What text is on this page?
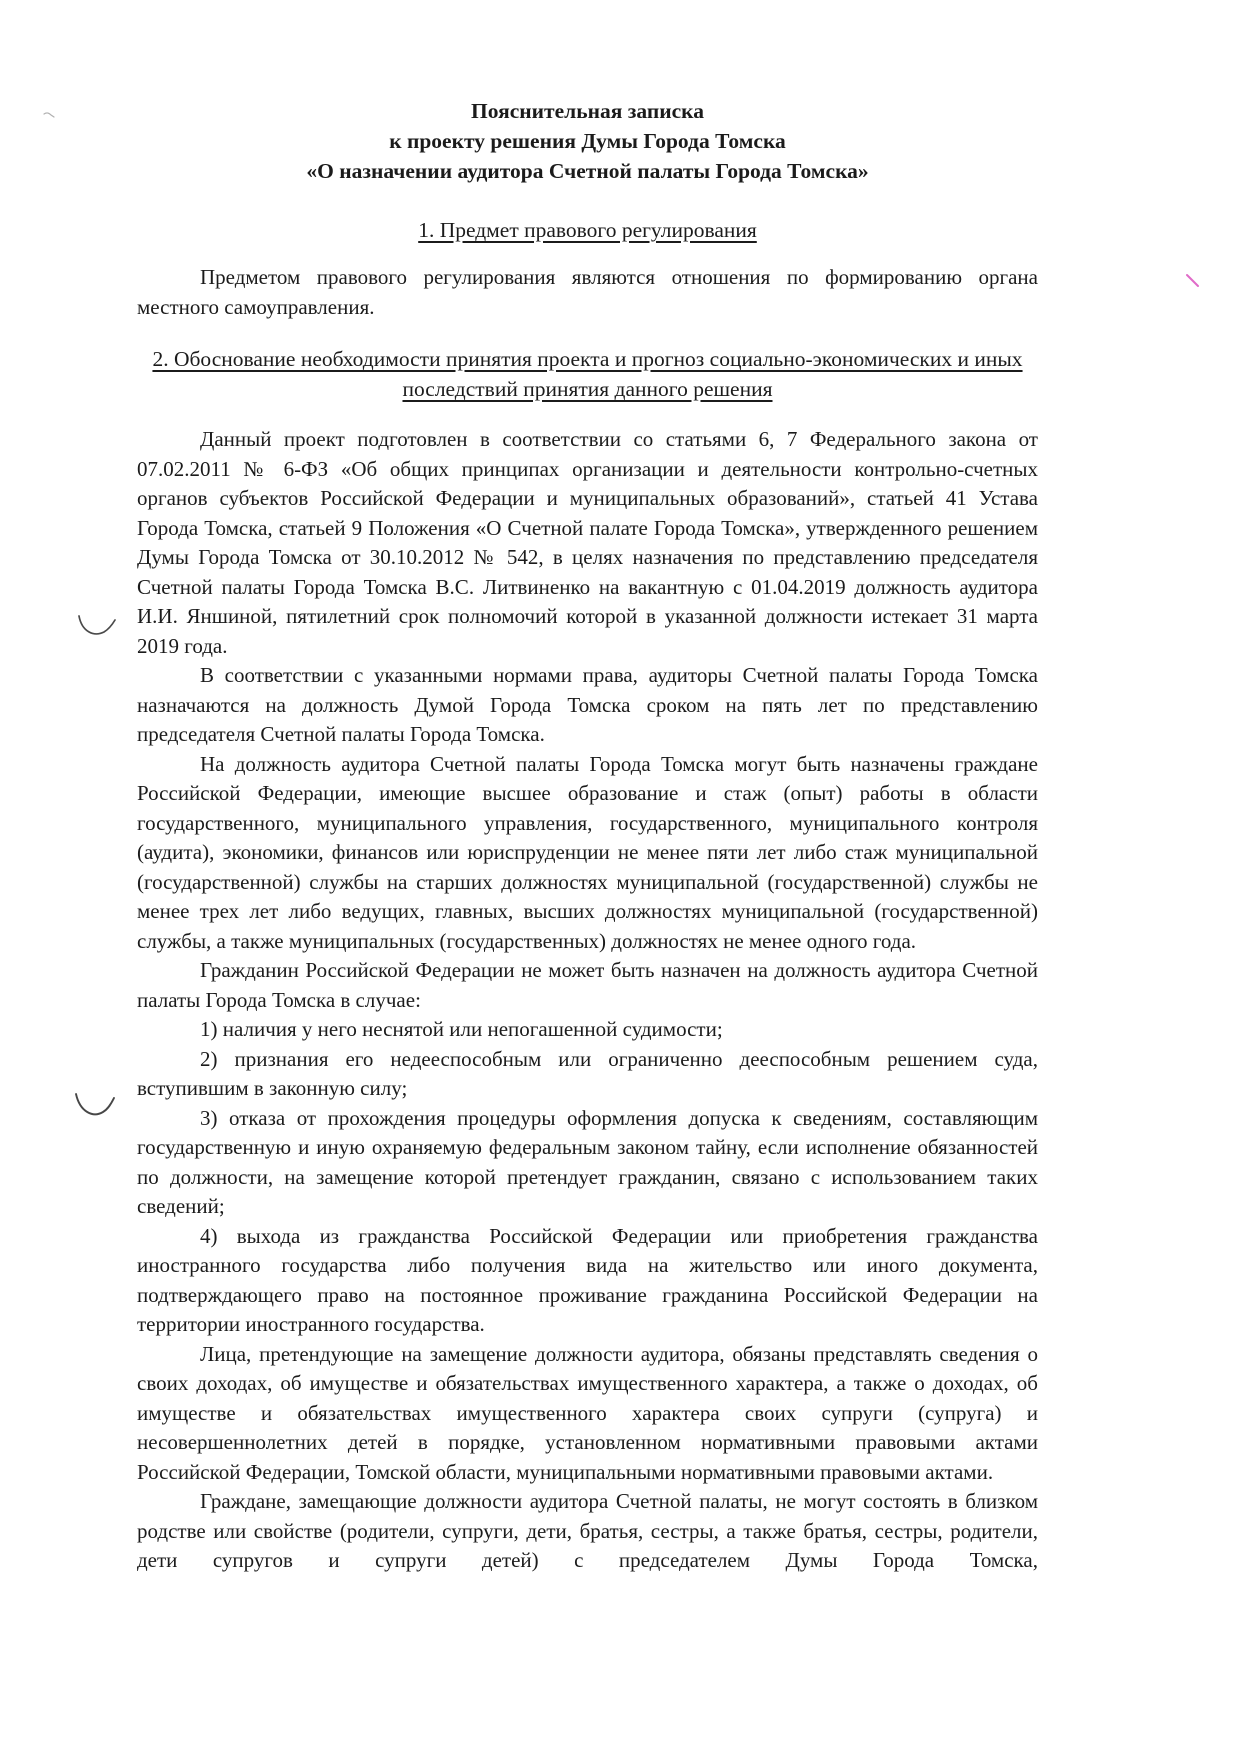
Пояснительная записка
к проекту решения Думы Города Томска
«О назначении аудитора Счетной палаты Города Томска»
1. Предмет правового регулирования

Предметом правового регулирования являются отношения по формированию органа местного самоуправления.

2. Обоснование необходимости принятия проекта и прогноз социально-экономических и иных последствий принятия данного решения

Данный проект подготовлен в соответствии со статьями 6, 7 Федерального закона от 07.02.2011 № 6-ФЗ «Об общих принципах организации и деятельности контрольно-счетных органов субъектов Российской Федерации и муниципальных образований», статьей 41 Устава Города Томска, статьей 9 Положения «О Счетной палате Города Томска», утвержденного решением Думы Города Томска от 30.10.2012 № 542, в целях назначения по представлению председателя Счетной палаты Города Томска В.С. Литвиненко на вакантную с 01.04.2019 должность аудитора И.И. Яншиной, пятилетний срок полномочий которой в указанной должности истекает 31 марта 2019 года.

В соответствии с указанными нормами права, аудиторы Счетной палаты Города Томска назначаются на должность Думой Города Томска сроком на пять лет по представлению председателя Счетной палаты Города Томска.

На должность аудитора Счетной палаты Города Томска могут быть назначены граждане Российской Федерации, имеющие высшее образование и стаж (опыт) работы в области государственного, муниципального управления, государственного, муниципального контроля (аудита), экономики, финансов или юриспруденции не менее пяти лет либо стаж муниципальной (государственной) службы на старших должностях муниципальной (государственной) службы не менее трех лет либо ведущих, главных, высших должностях муниципальной (государственной) службы, а также муниципальных (государственных) должностях не менее одного года.

Гражданин Российской Федерации не может быть назначен на должность аудитора Счетной палаты Города Томска в случае:

1) наличия у него неснятой или непогашенной судимости;

2) признания его недееспособным или ограниченно дееспособным решением суда, вступившим в законную силу;

3) отказа от прохождения процедуры оформления допуска к сведениям, составляющим государственную и иную охраняемую федеральным законом тайну, если исполнение обязанностей по должности, на замещение которой претендует гражданин, связано с использованием таких сведений;

4) выхода из гражданства Российской Федерации или приобретения гражданства иностранного государства либо получения вида на жительство или иного документа, подтверждающего право на постоянное проживание гражданина Российской Федерации на территории иностранного государства.

Лица, претендующие на замещение должности аудитора, обязаны представлять сведения о своих доходах, об имуществе и обязательствах имущественного характера, а также о доходах, об имуществе и обязательствах имущественного характера своих супруги (супруга) и несовершеннолетних детей в порядке, установленном нормативными правовыми актами Российской Федерации, Томской области, муниципальными нормативными правовыми актами.

Граждане, замещающие должности аудитора Счетной палаты, не могут состоять в близком родстве или свойстве (родители, супруги, дети, братья, сестры, а также братья, сестры, родители, дети супругов и супруги детей) с председателем Думы Города Томска,
